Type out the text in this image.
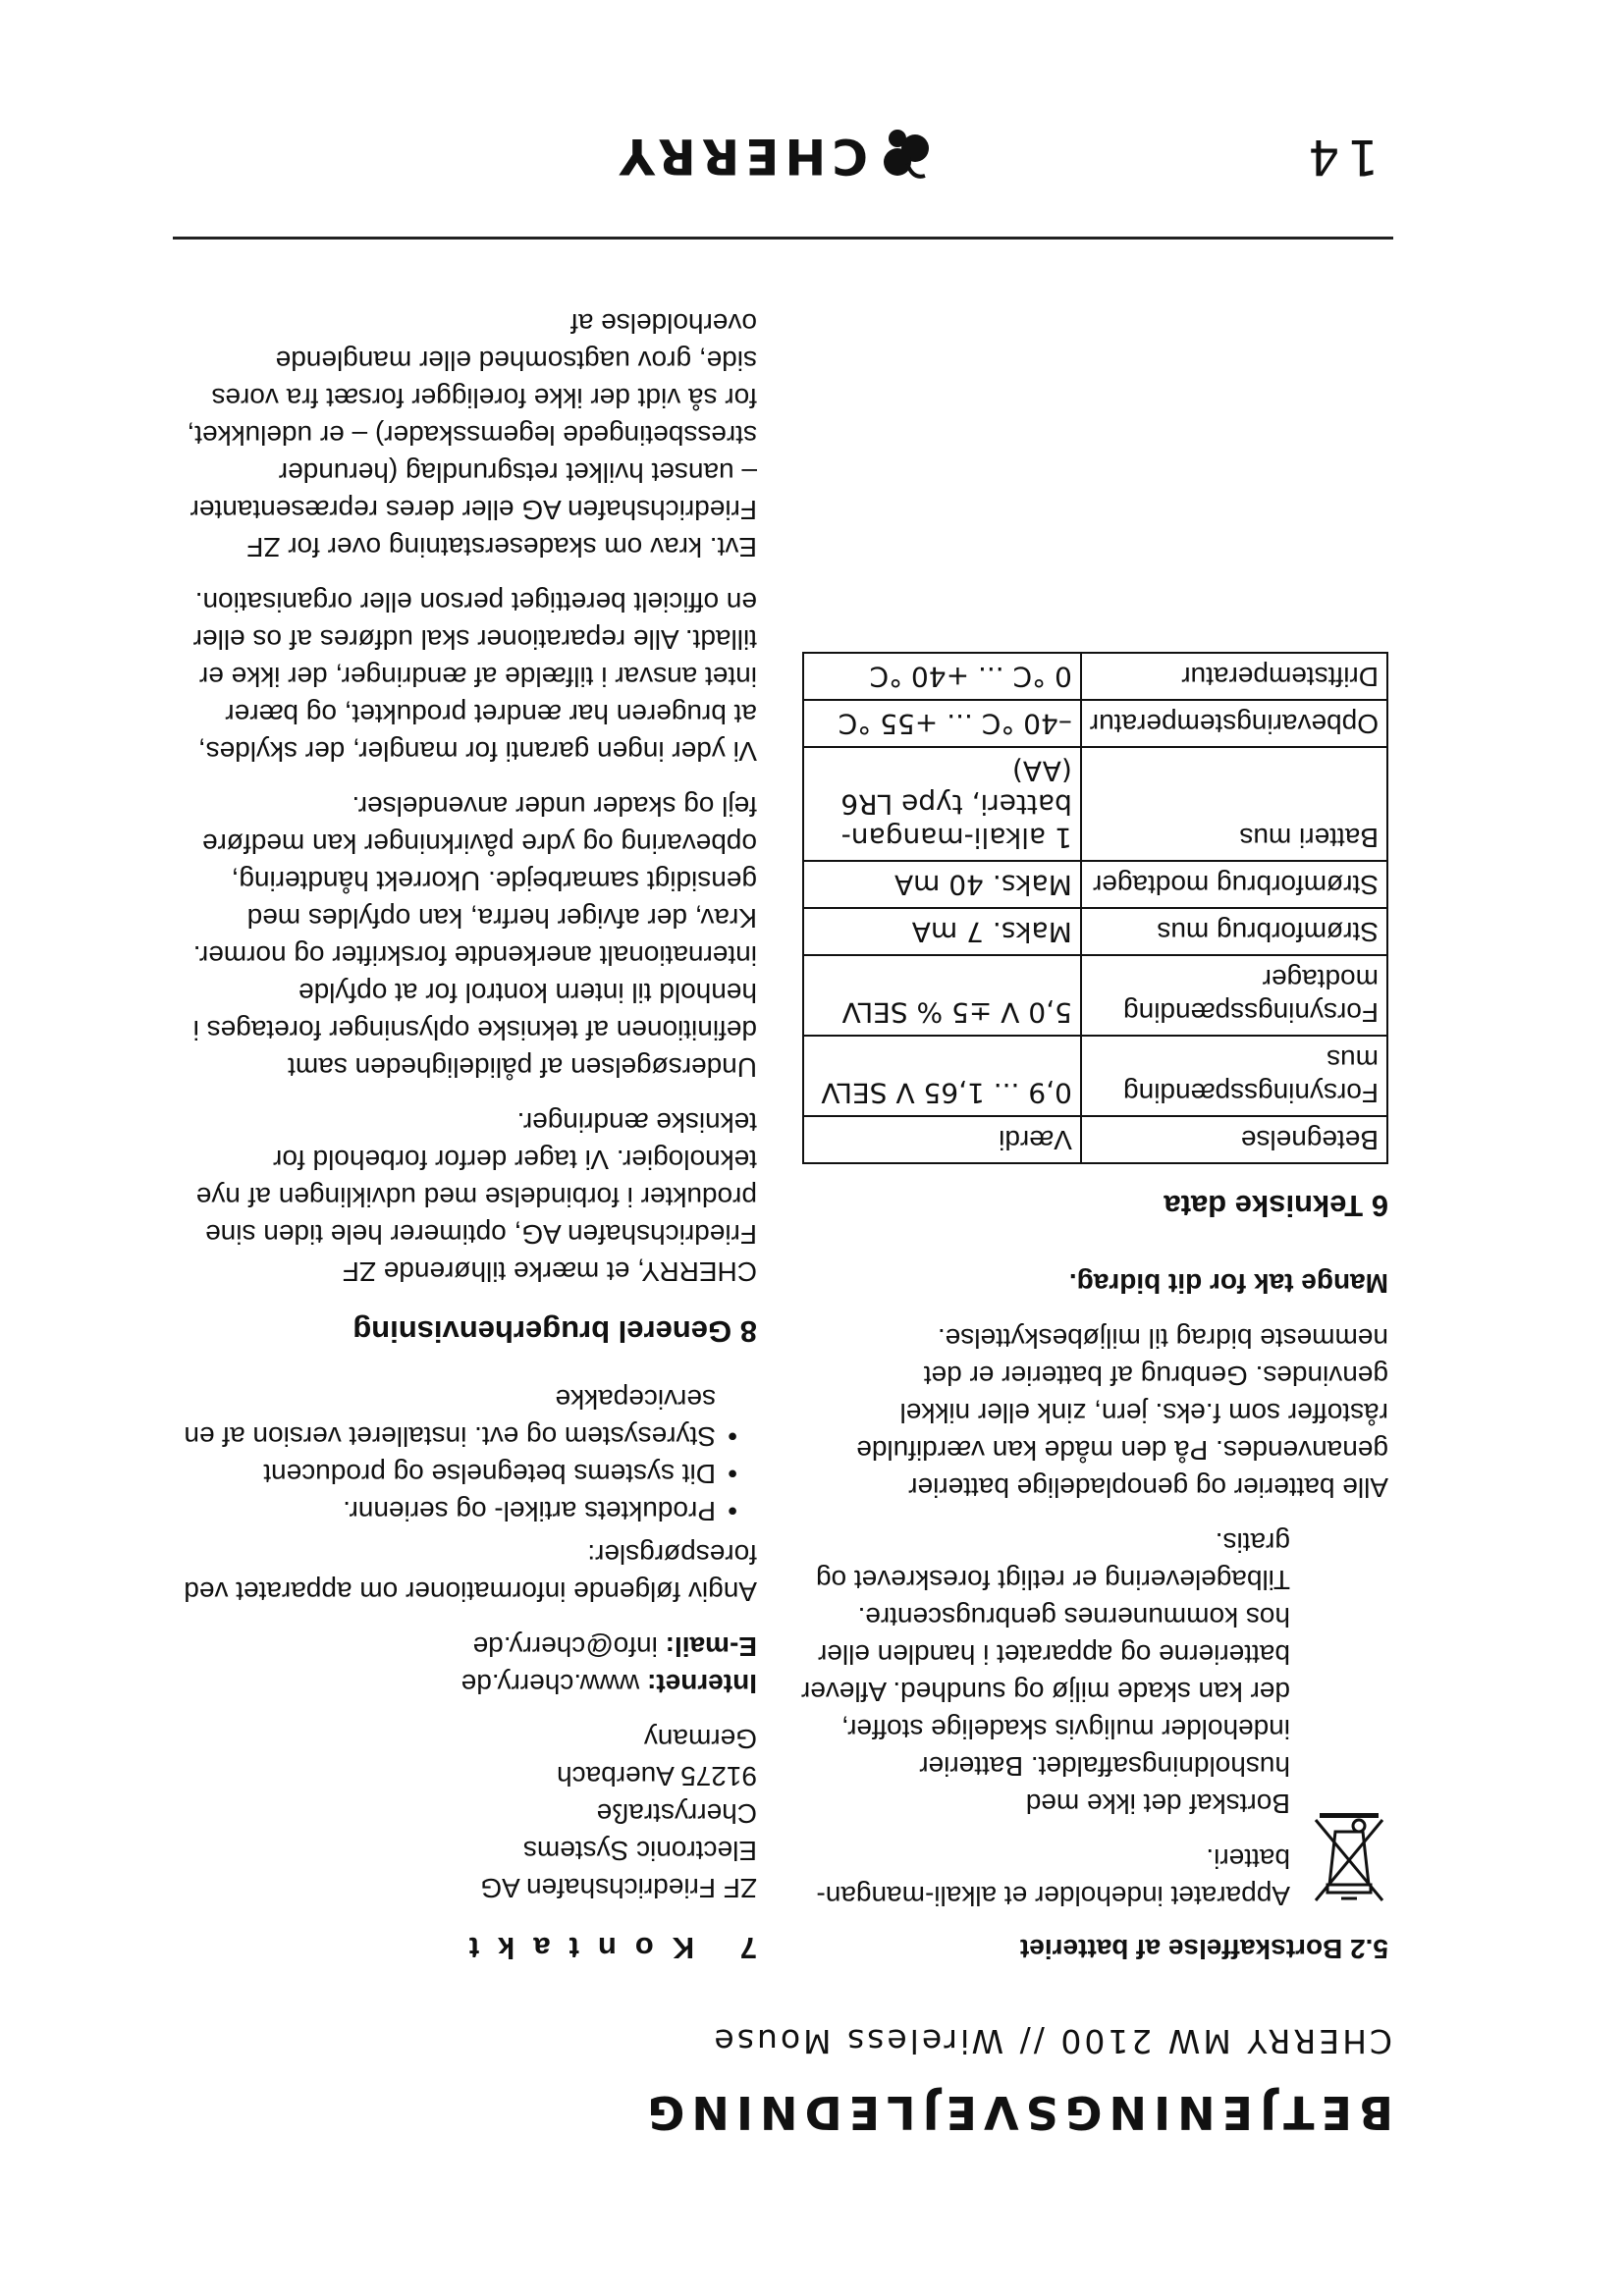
BETJENINGSVEJLEDNING
CHERRY MW 2100 // Wireless Mouse
5.2 Bortskaffelse af batteriet

Apparatet indeholder et alkali-mangan-batteri.

Bortskaf det ikke med husholdningsaffaldet. Batterier indeholder muligvis skadelige stoffer, der kan skade miljø og sundhed. Aflever batterierne og apparatet i handlen eller hos kommunernes genbrugscentre. Tilbagelevering er retligt foreskrevet og gratis.

Alle batterier og genopladelige batterier genanvendes. På den måde kan værdifulde råstoffer som f.eks. jern, zink eller nikkel genvindes. Genbrug af batterier er det nemmeste bidrag til miljøbeskyttelse.

Mange tak for dit bidrag.

6 Tekniske data
Betegnelse	Værdi
Forsyningsspænding mus	0,9 ... 1,65 V SELV
Forsyningsspænding modtager	5,0 V ±5 % SELV
Strømforbrug mus	Maks. 7 mA
Strømforbrug modtager	Maks. 40 mA
Batteri mus	1 alkali-mangan-batteri, type LR6 (AA)
Opbevaringstemperatur	–40 °C ... +55 °C
Driftstemperatur	0 °C ... +40 °C
7 Kontakt

ZF Friedrichshafen AG
Electronic Systems
Cherrystraße
91275 Auerbach
Germany

Internet: www.cherry.de
E-mail: info@cherry.de

Angiv følgende informationer om apparatet ved forespørgsler:

• Produktets artikel- og seriennr.
• Dit systems betegnelse og producent
• Styresystem og evt. installeret version af en servicepakke
8 Generel brugerhenvisning

CHERRY, et mærke tilhørende ZF Friedrichshafen AG, optimerer hele tiden sine produkter i forbindelse med udviklingen af nye teknologier. Vi tager derfor forbehold for tekniske ændringer.

Undersøgelsen af pålideligheden samt definitionen af tekniske oplysninger foretages i henhold til intern kontrol for at opfylde internationalt anerkendte forskrifter og normer. Krav, der afviger herfra, kan opfyldes med gensidigt samarbejde. Ukorrekt håndtering, opbevaring og ydre påvirkninger kan medføre fejl og skader under anvendelser.

Vi yder ingen garanti for mangler, der skyldes, at brugeren har ændret produktet, og bærer intet ansvar i tilfælde af ændringer, der ikke er tilladt. Alle reparationer skal udføres af os eller en officielt berettiget person eller organisation.

Evt. krav om skadeserstatning over for ZF Friedrichshafen AG eller deres repræsentanter – uanset hvilket retsgrundlag (herunder stressbetingede legemsskader) – er udelukket, for så vidt der ikke foreligger forsæt fra vores side, grov uagtsomhed eller manglende overholdelse af

14
CHERRY
